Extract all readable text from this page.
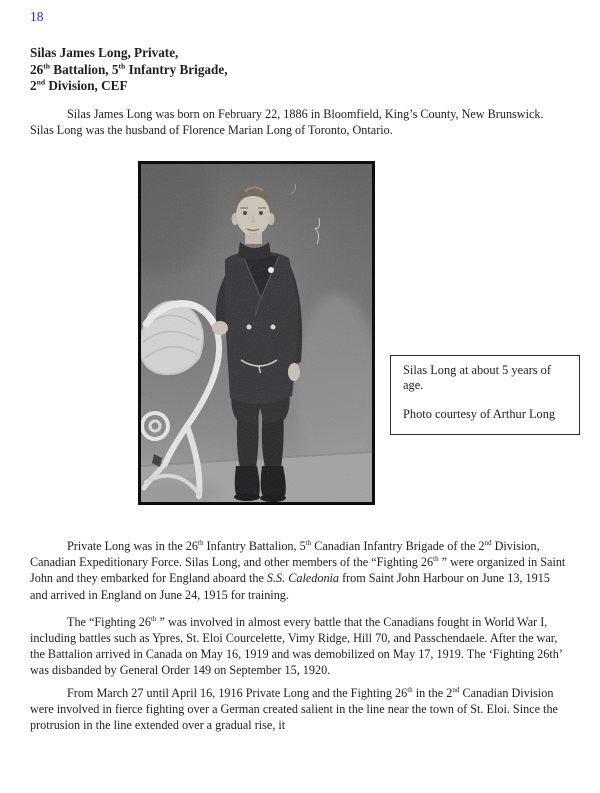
18
Silas James Long, Private,
26th Battalion, 5th Infantry Brigade,
2nd Division, CEF

Silas James Long was born on February 22, 1886 in Bloomfield, King’s County, New Brunswick. Silas Long was the husband of Florence Marian Long of Toronto, Ontario.

Silas Long at about 5 years of age.

Photo courtesy of Arthur Long

Private Long was in the 26th Infantry Battalion, 5th Canadian Infantry Brigade of the 2nd Division, Canadian Expeditionary Force. Silas Long, and other members of the “Fighting 26th ” were organized in Saint John and they embarked for England aboard the S.S. Caledonia from Saint John Harbour on June 13, 1915 and arrived in England on June 24, 1915 for training.

The “Fighting 26th ” was involved in almost every battle that the Canadians fought in World War I, including battles such as Ypres, St. Eloi Courcelette, Vimy Ridge, Hill 70, and Passchendaele. After the war, the Battalion arrived in Canada on May 16, 1919 and was demobilized on May 17, 1919. The ‘Fighting 26th’ was disbanded by General Order 149 on September 15, 1920.

From March 27 until April 16, 1916 Private Long and the Fighting 26th in the 2nd Canadian Division were involved in fierce fighting over a German created salient in the line near the town of St. Eloi. Since the protrusion in the line extended over a gradual rise, it
